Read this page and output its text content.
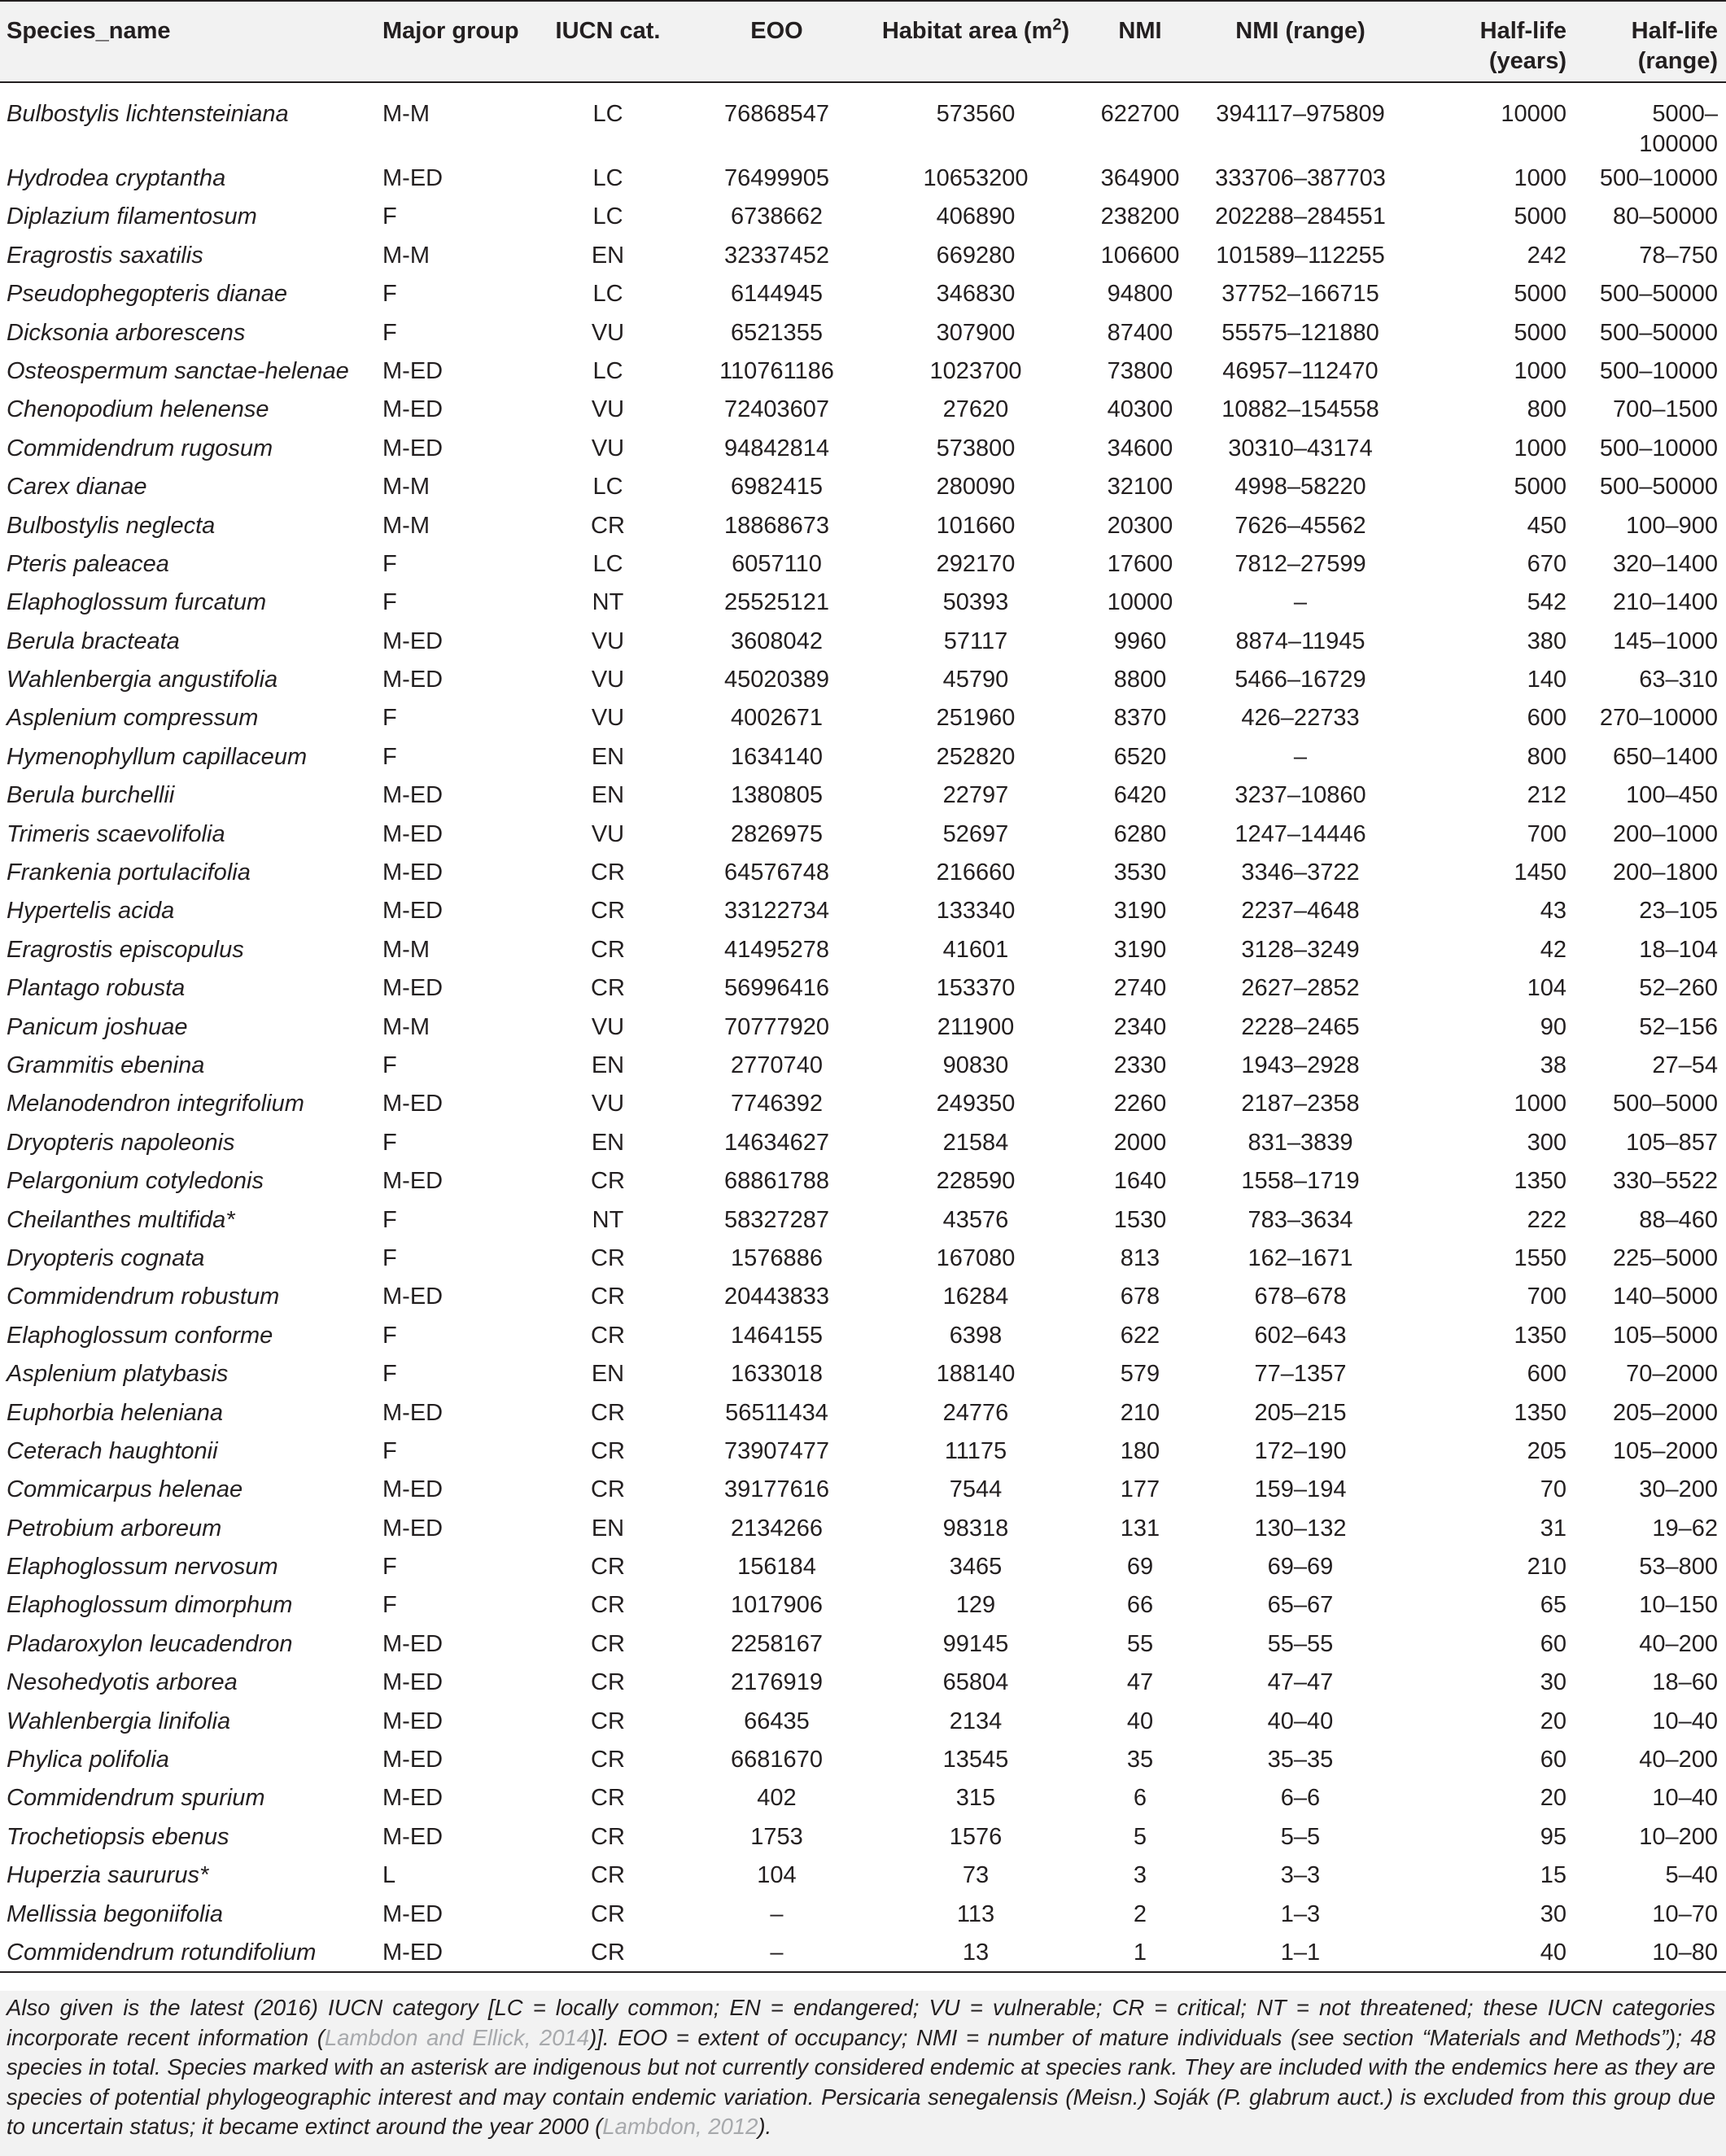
Species_name	Major group	IUCN cat.	EOO	Habitat area $(m^2)$	NMI	NMI (range)	Half-life (years)	Half-life (range)
Bulbostylis lichtensteiniana	M-M	LC	76868547	573560	622700	394117–975809	10000	5000–
100000
Hydrodea cryptantha	M-ED	LC	76499905	10653200	364900	333706–387703	1000	500–10000
Diplazium filamentosum	F	LC	6738662	406890	238200	202288–284551	5000	80–50000
Eragrostis saxatilis	M-M	EN	32337452	669280	106600	101589–112255	242	78–750
Pseudophegopteris dianae	F	LC	6144945	346830	94800	37752–166715	5000	500–50000
Dicksonia arborescens	F	VU	6521355	307900	87400	55575–121880	5000	500–50000
Osteospermum sanctae-helenae	M-ED	LC	110761186	1023700	73800	46957–112470	1000	500–10000
Chenopodium helenense	M-ED	VU	72403607	27620	40300	10882–154558	800	700–1500
Commidendrum rugosum	M-ED	VU	94842814	573800	34600	30310–43174	1000	500–10000
Carex dianae	M-M	LC	6982415	280090	32100	4998–58220	5000	500–50000
Bulbostylis neglecta	M-M	CR	18868673	101660	20300	7626–45562	450	100–900
Pteris paleacea	F	LC	6057110	292170	17600	7812–27599	670	320–1400
Elaphoglossum furcatum	F	NT	25525121	50393	10000	–	542	210–1400
Berula bracteata	M-ED	VU	3608042	57117	9960	8874–11945	380	145–1000
Wahlenbergia angustifolia	M-ED	VU	45020389	45790	8800	5466–16729	140	63–310
Asplenium compressum	F	VU	4002671	251960	8370	426–22733	600	270–10000
Hymenophyllum capillaceum	F	EN	1634140	252820	6520	–	800	650–1400
Berula burchellii	M-ED	EN	1380805	22797	6420	3237–10860	212	100–450
Trimeris scaevolifolia	M-ED	VU	2826975	52697	6280	1247–14446	700	200–1000
Frankenia portulacifolia	M-ED	CR	64576748	216660	3530	3346–3722	1450	200–1800
Hypertelis acida	M-ED	CR	33122734	133340	3190	2237–4648	43	23–105
Eragrostis episcopulus	M-M	CR	41495278	41601	3190	3128–3249	42	18–104
Plantago robusta	M-ED	CR	56996416	153370	2740	2627–2852	104	52–260
Panicum joshuae	M-M	VU	70777920	211900	2340	2228–2465	90	52–156
Grammitis ebenina	F	EN	2770740	90830	2330	1943–2928	38	27–54
Melanodendron integrifolium	M-ED	VU	7746392	249350	2260	2187–2358	1000	500–5000
Dryopteris napoleonis	F	EN	14634627	21584	2000	831–3839	300	105–857
Pelargonium cotyledonis	M-ED	CR	68861788	228590	1640	1558–1719	1350	330–5522
Cheilanthes multifida*	F	NT	58327287	43576	1530	783–3634	222	88–460
Dryopteris cognata	F	CR	1576886	167080	813	162–1671	1550	225–5000
Commidendrum robustum	M-ED	CR	20443833	16284	678	678–678	700	140–5000
Elaphoglossum conforme	F	CR	1464155	6398	622	602–643	1350	105–5000
Asplenium platybasis	F	EN	1633018	188140	579	77–1357	600	70–2000
Euphorbia heleniana	M-ED	CR	56511434	24776	210	205–215	1350	205–2000
Ceterach haughtonii	F	CR	73907477	11175	180	172–190	205	105–2000
Commicarpus helenae	M-ED	CR	39177616	7544	177	159–194	70	30–200
Petrobium arboreum	M-ED	EN	2134266	98318	131	130–132	31	19–62
Elaphoglossum nervosum	F	CR	156184	3465	69	69–69	210	53–800
Elaphoglossum dimorphum	F	CR	1017906	129	66	65–67	65	10–150
Pladaroxylon leucadendron	M-ED	CR	2258167	99145	55	55–55	60	40–200
Nesohedyotis arborea	M-ED	CR	2176919	65804	47	47–47	30	18–60
Wahlenbergia linifolia	M-ED	CR	66435	2134	40	40–40	20	10–40
Phylica polifolia	M-ED	CR	6681670	13545	35	35–35	60	40–200
Commidendrum spurium	M-ED	CR	402	315	6	6–6	20	10–40
Trochetiopsis ebenus	M-ED	CR	1753	1576	5	5–5	95	10–200
Huperzia saururus*	L	CR	104	73	3	3–3	15	5–40
Mellissia begoniifolia	M-ED	CR	–	113	2	1–3	30	10–70
Commidendrum rotundifolium	M-ED	CR	–	13	1	1–1	40	10–80
Also given is the latest (2016) IUCN category [LC = locally common; EN = endangered; VU = vulnerable; CR = critical; NT = not threatened; these IUCN categories incorporate recent information (Lambdon and Ellick, 2014)]. EOO = extent of occupancy; NMI = number of mature individuals (see section “Materials and Methods”); 48 species in total. Species marked with an asterisk are indigenous but not currently considered endemic at species rank. They are included with the endemics here as they are species of potential phylogeographic interest and may contain endemic variation. Persicaria senegalensis (Meisn.) Soják (P. glabrum auct.) is excluded from this group due to uncertain status; it became extinct around the year 2000 (Lambdon, 2012).
